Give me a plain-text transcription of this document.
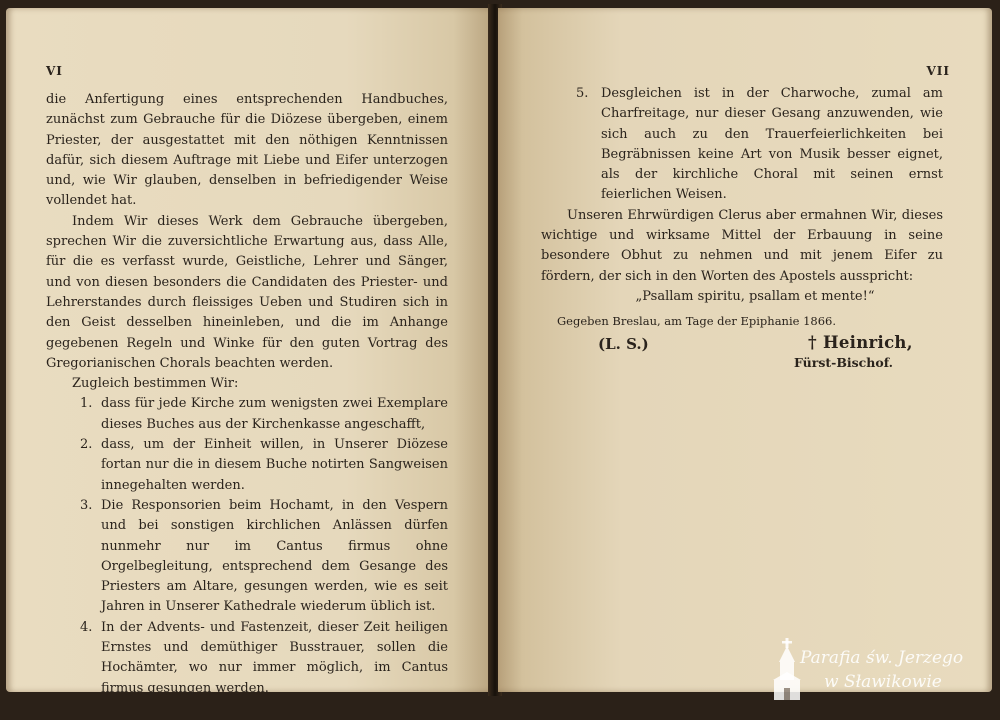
VI

die Anfertigung eines entsprechenden Handbuches, zunächst zum Gebrauche für die Diözese übergeben, einem Priester, der ausgestattet mit den nöthigen Kenntnissen dafür, sich diesem Auftrage mit Liebe und Eifer unterzogen und, wie Wir glauben, denselben in befriedigender Weise vollendet hat.

Indem Wir dieses Werk dem Gebrauche übergeben, sprechen Wir die zuversichtliche Erwartung aus, dass Alle, für die es verfasst wurde, Geistliche, Lehrer und Sänger, und von diesen besonders die Candidaten des Priester- und Lehrerstandes durch fleissiges Ueben und Studiren sich in den Geist desselben hineinleben, und die im Anhange gegebenen Regeln und Winke für den guten Vortrag des Gregorianischen Chorals beachten werden.

Zugleich bestimmen Wir:

1. dass für jede Kirche zum wenigsten zwei Exemplare dieses Buches aus der Kirchenkasse angeschafft,
2. dass, um der Einheit willen, in Unserer Diözese fortan nur die in diesem Buche notirten Sangweisen innegehalten werden.
3. Die Responsorien beim Hochamt, in den Vespern und bei sonstigen kirchlichen Anlässen dürfen nunmehr nur im Cantus firmus ohne Orgelbegleitung, entsprechend dem Gesange des Priesters am Altare, gesungen werden, wie es seit Jahren in Unserer Kathedrale wiederum üblich ist.
4. In der Advents- und Fastenzeit, dieser Zeit heiligen Ernstes und demüthiger Busstrauer, sollen die Hochämter, wo nur immer möglich, im Cantus firmus gesungen werden.
VII
5. Desgleichen ist in der Charwoche, zumal am Charfreitage, nur dieser Gesang anzuwenden, wie sich auch zu den Trauerfeierlichkeiten bei Begräbnissen keine Art von Musik besser eignet, als der kirchliche Choral mit seinen ernst feierlichen Weisen.

Unseren Ehrwürdigen Clerus aber ermahnen Wir, dieses wichtige und wirksame Mittel der Erbauung in seine besondere Obhut zu nehmen und mit jenem Eifer zu fördern, der sich in den Worten des Apostels ausspricht:

„Psallam spiritu, psallam et mente!“

Gegeben Breslau, am Tage der Epiphanie 1866.

(L. S.)	† Heinrich,
Fürst-Bischof.
Parafia św. Jerzego
w Sławikowie
